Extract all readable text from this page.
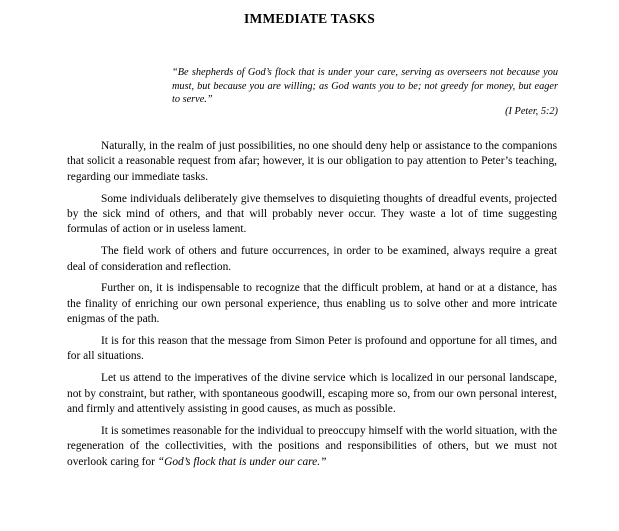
IMMEDIATE TASKS
“Be shepherds of God’s flock that is under your care, serving as overseers not because you must, but because you are willing; as God wants you to be; not greedy for money, but eager to serve.”
(I Peter, 5:2)

Naturally, in the realm of just possibilities, no one should deny help or assistance to the companions that solicit a reasonable request from afar; however, it is our obligation to pay attention to Peter’s teaching, regarding our immediate tasks.

Some individuals deliberately give themselves to disquieting thoughts of dreadful events, projected by the sick mind of others, and that will probably never occur. They waste a lot of time suggesting formulas of action or in useless lament.

The field work of others and future occurrences, in order to be examined, always require a great deal of consideration and reflection.

Further on, it is indispensable to recognize that the difficult problem, at hand or at a distance, has the finality of enriching our own personal experience, thus enabling us to solve other and more intricate enigmas of the path.

It is for this reason that the message from Simon Peter is profound and opportune for all times, and for all situations.

Let us attend to the imperatives of the divine service which is localized in our personal landscape, not by constraint, but rather, with spontaneous goodwill, escaping more so, from our own personal interest, and firmly and attentively assisting in good causes, as much as possible.

It is sometimes reasonable for the individual to preoccupy himself with the world situation, with the regeneration of the collectivities, with the positions and responsibilities of others, but we must not overlook caring for “God’s flock that is under our care.”
